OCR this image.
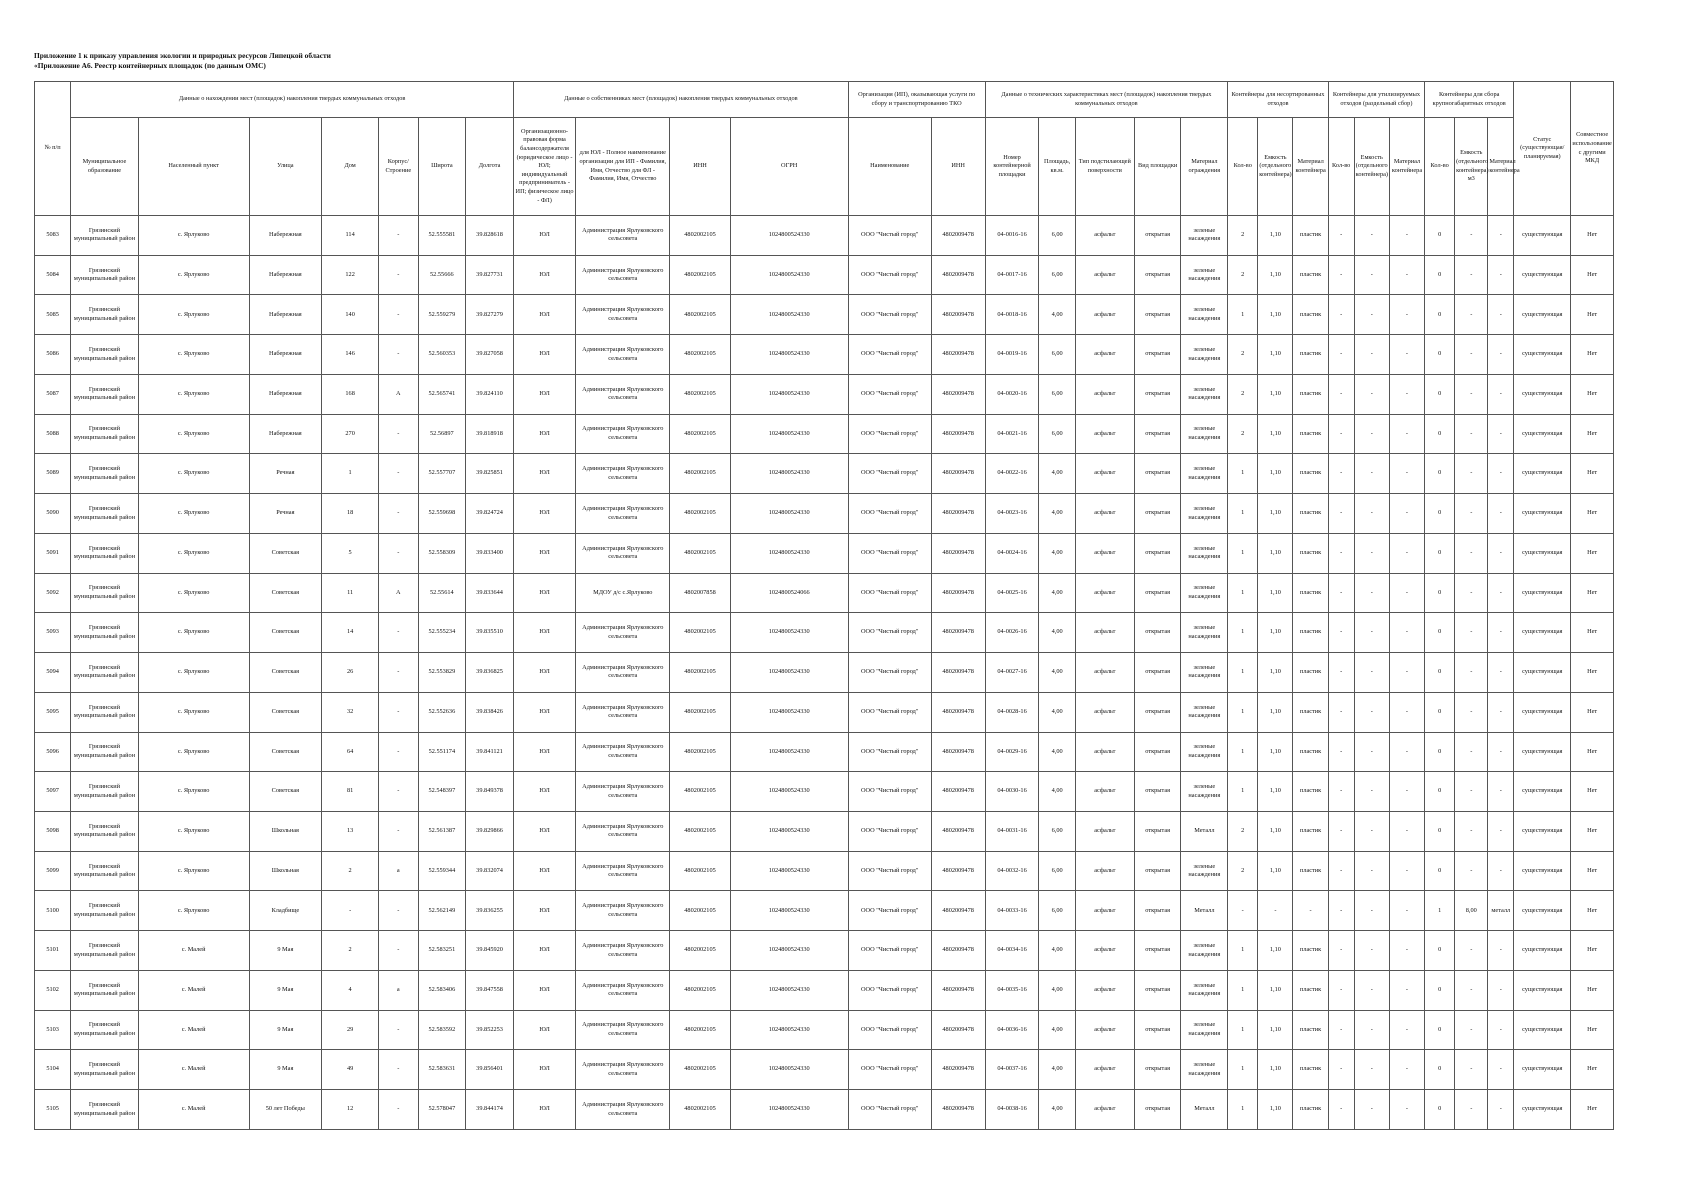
Приложение 1 к приказу управления экологии и природных ресурсов Липецкой области
«Приложение А6. Реестр контейнерных площадок (по данным ОМС)
№ п/п	Данные о нахождении мест (площадок) накопления твердых коммунальных отходов							Данные о собственниках мест (площадок) накопления твердых коммунальных отходов				Организация (ИП), оказывающая услуги по сбору и транспортированию ТКО		Данные о технических характеристиках мест (площадок) накопления твердых коммунальных отходов					Контейнеры для несортированных отходов			Контейнеры для утилизируемых отходов (раздельный сбор)			Контейнеры для сбора крупногабаритных отходов			Статус (существующая/ планируемая)	Совместное использование с другими МКД
	Муниципальное образование	Населенный пункт	Улица	Дом	Корпус/Строение	Широта	Долгота	Организационно-правовая форма балансодержателя (юридическое лицо - ЮЛ; индивидуальный предприниматель - ИП; физическое лицо - ФЛ)	для ЮЛ - Полное наименование организации для ИП - Фамилия, Имя, Отчество для ФЛ - Фамилия, Имя, Отчество	ИНН	ОГРН	Наименование	ИНН	Номер контейнерной площадки	Площадь, кв.м.	Тип подстилающей поверхности	Вид площадки	Материал ограждения	Кол-во	Емкость (отдельного контейнера)	Материал контейнера	Кол-во	Емкость (отдельного контейнера)	Материал контейнера	Кол-во	Емкость (отдельного контейнера) м3	Материал контейнера		
5083	Грязинский муниципальный район	с. Ярлуково	Набережная	114	-	52.555581	39.828618	ЮЛ	Администрация Ярлуковского сельсовета	4802002105	1024800524330	ООО "Чистый город"	4802009478	04-0016-16	6,00	асфальт	открытая	зеленые насаждения	2	1,10	пластик	-	-	-	0	-	-	существующая	Нет
5084	Грязинский муниципальный район	с. Ярлуково	Набережная	122	-	52.55666	39.827731	ЮЛ	Администрация Ярлуковского сельсовета	4802002105	1024800524330	ООО "Чистый город"	4802009478	04-0017-16	6,00	асфальт	открытая	зеленые насаждения	2	1,10	пластик	-	-	-	0	-	-	существующая	Нет
5085	Грязинский муниципальный район	с. Ярлуково	Набережная	140	-	52.559279	39.827279	ЮЛ	Администрация Ярлуковского сельсовета	4802002105	1024800524330	ООО "Чистый город"	4802009478	04-0018-16	4,00	асфальт	открытая	зеленые насаждения	1	1,10	пластик	-	-	-	0	-	-	существующая	Нет
5086	Грязинский муниципальный район	с. Ярлуково	Набережная	146	-	52.560353	39.827058	ЮЛ	Администрация Ярлуковского сельсовета	4802002105	1024800524330	ООО "Чистый город"	4802009478	04-0019-16	6,00	асфальт	открытая	зеленые насаждения	2	1,10	пластик	-	-	-	0	-	-	существующая	Нет
5087	Грязинский муниципальный район	с. Ярлуково	Набережная	168	А	52.565741	39.824110	ЮЛ	Администрация Ярлуковского сельсовета	4802002105	1024800524330	ООО "Чистый город"	4802009478	04-0020-16	6,00	асфальт	открытая	зеленые насаждения	2	1,10	пластик	-	-	-	0	-	-	существующая	Нет
5088	Грязинский муниципальный район	с. Ярлуково	Набережная	270	-	52.56897	39.818918	ЮЛ	Администрация Ярлуковского сельсовета	4802002105	1024800524330	ООО "Чистый город"	4802009478	04-0021-16	6,00	асфальт	открытая	зеленые насаждения	2	1,10	пластик	-	-	-	0	-	-	существующая	Нет
5089	Грязинский муниципальный район	с. Ярлуково	Речная	1	-	52.557707	39.825851	ЮЛ	Администрация Ярлуковского сельсовета	4802002105	1024800524330	ООО "Чистый город"	4802009478	04-0022-16	4,00	асфальт	открытая	зеленые насаждения	1	1,10	пластик	-	-	-	0	-	-	существующая	Нет
5090	Грязинский муниципальный район	с. Ярлуково	Речная	18	-	52.559698	39.824724	ЮЛ	Администрация Ярлуковского сельсовета	4802002105	1024800524330	ООО "Чистый город"	4802009478	04-0023-16	4,00	асфальт	открытая	зеленые насаждения	1	1,10	пластик	-	-	-	0	-	-	существующая	Нет
5091	Грязинский муниципальный район	с. Ярлуково	Советская	5	-	52.558309	39.833400	ЮЛ	Администрация Ярлуковского сельсовета	4802002105	1024800524330	ООО "Чистый город"	4802009478	04-0024-16	4,00	асфальт	открытая	зеленые насаждения	1	1,10	пластик	-	-	-	0	-	-	существующая	Нет
5092	Грязинский муниципальный район	с. Ярлуково	Советская	11	А	52.55614	39.833644	ЮЛ	МДОУ д/с с.Ярлуково	4802007858	1024800524066	ООО "Чистый город"	4802009478	04-0025-16	4,00	асфальт	открытая	зеленые насаждения	1	1,10	пластик	-	-	-	0	-	-	существующая	Нет
5093	Грязинский муниципальный район	с. Ярлуково	Советская	14	-	52.555234	39.835510	ЮЛ	Администрация Ярлуковского сельсовета	4802002105	1024800524330	ООО "Чистый город"	4802009478	04-0026-16	4,00	асфальт	открытая	зеленые насаждения	1	1,10	пластик	-	-	-	0	-	-	существующая	Нет
5094	Грязинский муниципальный район	с. Ярлуково	Советская	26	-	52.553829	39.836825	ЮЛ	Администрация Ярлуковского сельсовета	4802002105	1024800524330	ООО "Чистый город"	4802009478	04-0027-16	4,00	асфальт	открытая	зеленые насаждения	1	1,10	пластик	-	-	-	0	-	-	существующая	Нет
5095	Грязинский муниципальный район	с. Ярлуково	Советская	32	-	52.552636	39.838426	ЮЛ	Администрация Ярлуковского сельсовета	4802002105	1024800524330	ООО "Чистый город"	4802009478	04-0028-16	4,00	асфальт	открытая	зеленые насаждения	1	1,10	пластик	-	-	-	0	-	-	существующая	Нет
5096	Грязинский муниципальный район	с. Ярлуково	Советская	64	-	52.551174	39.841121	ЮЛ	Администрация Ярлуковского сельсовета	4802002105	1024800524330	ООО "Чистый город"	4802009478	04-0029-16	4,00	асфальт	открытая	зеленые насаждения	1	1,10	пластик	-	-	-	0	-	-	существующая	Нет
5097	Грязинский муниципальный район	с. Ярлуково	Советская	81	-	52.548397	39.849378	ЮЛ	Администрация Ярлуковского сельсовета	4802002105	1024800524330	ООО "Чистый город"	4802009478	04-0030-16	4,00	асфальт	открытая	зеленые насаждения	1	1,10	пластик	-	-	-	0	-	-	существующая	Нет
5098	Грязинский муниципальный район	с. Ярлуково	Школьная	13	-	52.561387	39.829866	ЮЛ	Администрация Ярлуковского сельсовета	4802002105	1024800524330	ООО "Чистый город"	4802009478	04-0031-16	6,00	асфальт	открытая	Металл	2	1,10	пластик	-	-	-	0	-	-	существующая	Нет
5099	Грязинский муниципальный район	с. Ярлуково	Школьная	2	а	52.559344	39.832074	ЮЛ	Администрация Ярлуковского сельсовета	4802002105	1024800524330	ООО "Чистый город"	4802009478	04-0032-16	6,00	асфальт	открытая	зеленые насаждения	2	1,10	пластик	-	-	-	0	-	-	существующая	Нет
5100	Грязинский муниципальный район	с. Ярлуково	Кладбище	-	-	52.562149	39.836255	ЮЛ	Администрация Ярлуковского сельсовета	4802002105	1024800524330	ООО "Чистый город"	4802009478	04-0033-16	6,00	асфальт	открытая	Металл	-	-	-	-	-	-	1	8,00	металл	существующая	Нет
5101	Грязинский муниципальный район	с. Малей	9 Мая	2	-	52.583251	39.845920	ЮЛ	Администрация Ярлуковского сельсовета	4802002105	1024800524330	ООО "Чистый город"	4802009478	04-0034-16	4,00	асфальт	открытая	зеленые насаждения	1	1,10	пластик	-	-	-	0	-	-	существующая	Нет
5102	Грязинский муниципальный район	с. Малей	9 Мая	4	а	52.583406	39.847558	ЮЛ	Администрация Ярлуковского сельсовета	4802002105	1024800524330	ООО "Чистый город"	4802009478	04-0035-16	4,00	асфальт	открытая	зеленые насаждения	1	1,10	пластик	-	-	-	0	-	-	существующая	Нет
5103	Грязинский муниципальный район	с. Малей	9 Мая	29	-	52.583592	39.852253	ЮЛ	Администрация Ярлуковского сельсовета	4802002105	1024800524330	ООО "Чистый город"	4802009478	04-0036-16	4,00	асфальт	открытая	зеленые насаждения	1	1,10	пластик	-	-	-	0	-	-	существующая	Нет
5104	Грязинский муниципальный район	с. Малей	9 Мая	49	-	52.583631	39.856401	ЮЛ	Администрация Ярлуковского сельсовета	4802002105	1024800524330	ООО "Чистый город"	4802009478	04-0037-16	4,00	асфальт	открытая	зеленые насаждения	1	1,10	пластик	-	-	-	0	-	-	существующая	Нет
5105	Грязинский муниципальный район	с. Малей	50 лет Победы	12	-	52.578047	39.844174	ЮЛ	Администрация Ярлуковского сельсовета	4802002105	1024800524330	ООО "Чистый город"	4802009478	04-0038-16	4,00	асфальт	открытая	Металл	1	1,10	пластик	-	-	-	0	-	-	существующая	Нет
